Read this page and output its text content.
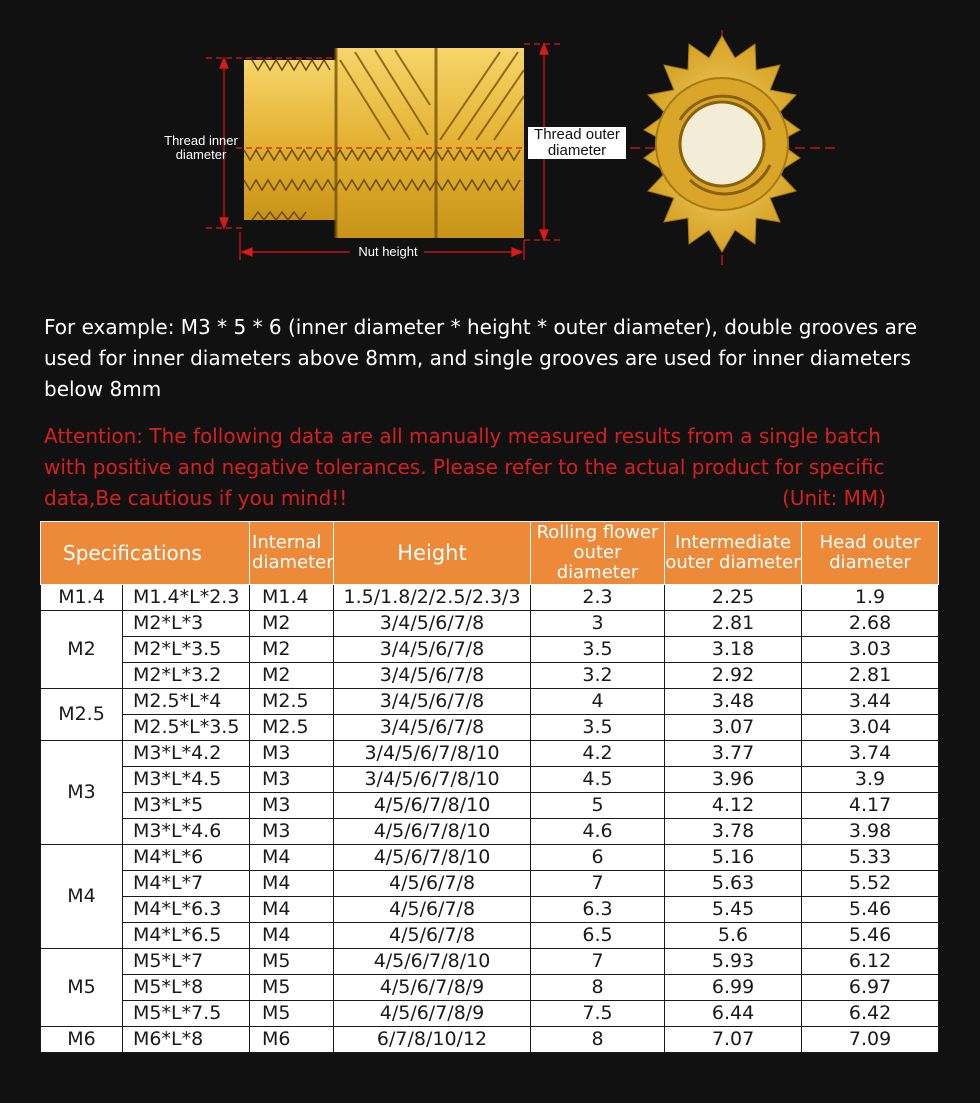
Thread inner diameter
Thread outer diameter
Nut height

For example: M3 * 5 * 6 (inner diameter * height * outer diameter), double grooves are used for inner diameters above 8mm, and single grooves are used for inner diameters below 8mm

Attention: The following data are all manually measured results from a single batch with positive and negative tolerances. Please refer to the actual product for specific data,Be cautious if you mind!!	(Unit: MM)

Specifications		Internal diameter	Height	Rolling flower outer diameter	Intermediate outer diameter	Head outer diameter
M1.4	M1.4*L*2.3	M1.4	1.5/1.8/2/2.5/2.3/3	2.3	2.25	1.9
M2	M2*L*3	M2	3/4/5/6/7/8	3	2.81	2.68
	M2*L*3.5	M2	3/4/5/6/7/8	3.5	3.18	3.03
	M2*L*3.2	M2	3/4/5/6/7/8	3.2	2.92	2.81
M2.5	M2.5*L*4	M2.5	3/4/5/6/7/8	4	3.48	3.44
	M2.5*L*3.5	M2.5	3/4/5/6/7/8	3.5	3.07	3.04
M3	M3*L*4.2	M3	3/4/5/6/7/8/10	4.2	3.77	3.74
	M3*L*4.5	M3	3/4/5/6/7/8/10	4.5	3.96	3.9
	M3*L*5	M3	4/5/6/7/8/10	5	4.12	4.17
	M3*L*4.6	M3	4/5/6/7/8/10	4.6	3.78	3.98
M4	M4*L*6	M4	4/5/6/7/8/10	6	5.16	5.33
	M4*L*7	M4	4/5/6/7/8	7	5.63	5.52
	M4*L*6.3	M4	4/5/6/7/8	6.3	5.45	5.46
	M4*L*6.5	M4	4/5/6/7/8	6.5	5.6	5.46
M5	M5*L*7	M5	4/5/6/7/8/10	7	5.93	6.12
	M5*L*8	M5	4/5/6/7/8/9	8	6.99	6.97
	M5*L*7.5	M5	4/5/6/7/8/9	7.5	6.44	6.42
M6	M6*L*8	M6	6/7/8/10/12	8	7.07	7.09
